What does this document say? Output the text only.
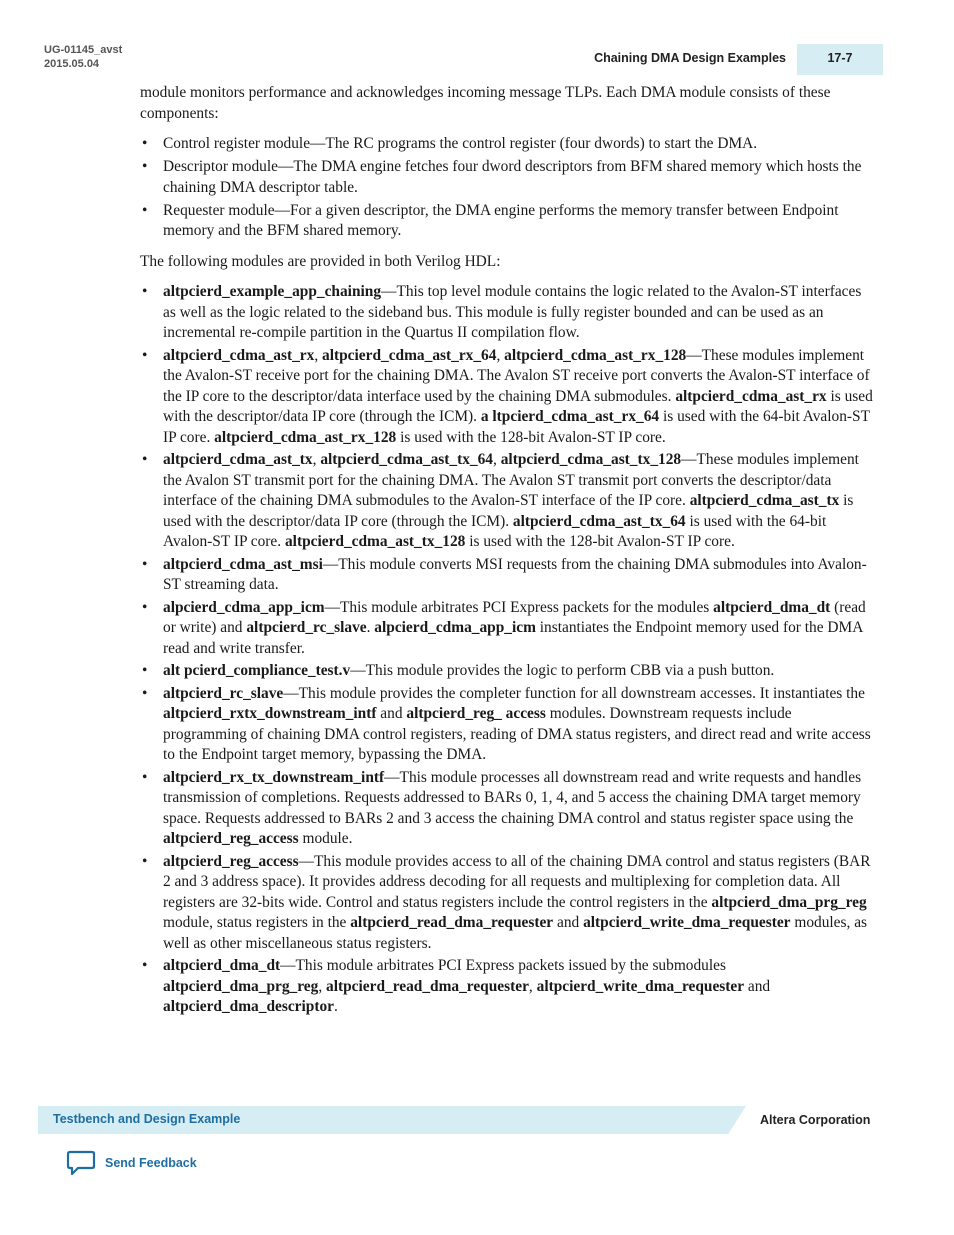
UG-01145_avst
2015.05.04	Chaining DMA Design Examples	17-7

module monitors performance and acknowledges incoming message TLPs. Each DMA module consists of these components:

• Control register module—The RC programs the control register (four dwords) to start the DMA.
• Descriptor module—The DMA engine fetches four dword descriptors from BFM shared memory which hosts the chaining DMA descriptor table.
• Requester module—For a given descriptor, the DMA engine performs the memory transfer between Endpoint memory and the BFM shared memory.

The following modules are provided in both Verilog HDL:

• altpcierd_example_app_chaining—This top level module contains the logic related to the Avalon-ST interfaces as well as the logic related to the sideband bus. This module is fully register bounded and can be used as an incremental re-compile partition in the Quartus II compilation flow.
• altpcierd_cdma_ast_rx, altpcierd_cdma_ast_rx_64, altpcierd_cdma_ast_rx_128—These modules implement the Avalon-ST receive port for the chaining DMA. The Avalon ST receive port converts the Avalon-ST interface of the IP core to the descriptor/data interface used by the chaining DMA submodules. altpcierd_cdma_ast_rx is used with the descriptor/data IP core (through the ICM). a ltpcierd_cdma_ast_rx_64 is used with the 64-bit Avalon-ST IP core. altpcierd_cdma_ast_rx_128 is used with the 128-bit Avalon-ST IP core.
• altpcierd_cdma_ast_tx, altpcierd_cdma_ast_tx_64, altpcierd_cdma_ast_tx_128—These modules implement the Avalon ST transmit port for the chaining DMA. The Avalon ST transmit port converts the descriptor/data interface of the chaining DMA submodules to the Avalon-ST interface of the IP core. altpcierd_cdma_ast_tx is used with the descriptor/data IP core (through the ICM). altpcierd_cdma_ast_tx_64 is used with the 64-bit Avalon-ST IP core. altpcierd_cdma_ast_tx_128 is used with the 128-bit Avalon-ST IP core.
• altpcierd_cdma_ast_msi—This module converts MSI requests from the chaining DMA submodules into Avalon-ST streaming data.
• alpcierd_cdma_app_icm—This module arbitrates PCI Express packets for the modules altpcierd_dma_dt (read or write) and altpcierd_rc_slave. alpcierd_cdma_app_icm instantiates the Endpoint memory used for the DMA read and write transfer.
• alt pcierd_compliance_test.v—This module provides the logic to perform CBB via a push button.
• altpcierd_rc_slave—This module provides the completer function for all downstream accesses. It instantiates the altpcierd_rxtx_downstream_intf and altpcierd_reg_ access modules. Downstream requests include programming of chaining DMA control registers, reading of DMA status registers, and direct read and write access to the Endpoint target memory, bypassing the DMA.
• altpcierd_rx_tx_downstream_intf—This module processes all downstream read and write requests and handles transmission of completions. Requests addressed to BARs 0, 1, 4, and 5 access the chaining DMA target memory space. Requests addressed to BARs 2 and 3 access the chaining DMA control and status register space using the altpcierd_reg_access module.
• altpcierd_reg_access—This module provides access to all of the chaining DMA control and status registers (BAR 2 and 3 address space). It provides address decoding for all requests and multiplexing for completion data. All registers are 32-bits wide. Control and status registers include the control registers in the altpcierd_dma_prg_reg module, status registers in the altpcierd_read_dma_requester and altpcierd_write_dma_requester modules, as well as other miscellaneous status registers.
• altpcierd_dma_dt—This module arbitrates PCI Express packets issued by the submodules altpcierd_dma_prg_reg, altpcierd_read_dma_requester, altpcierd_write_dma_requester and altpcierd_dma_descriptor.
Testbench and Design Example	Altera Corporation
Send Feedback
